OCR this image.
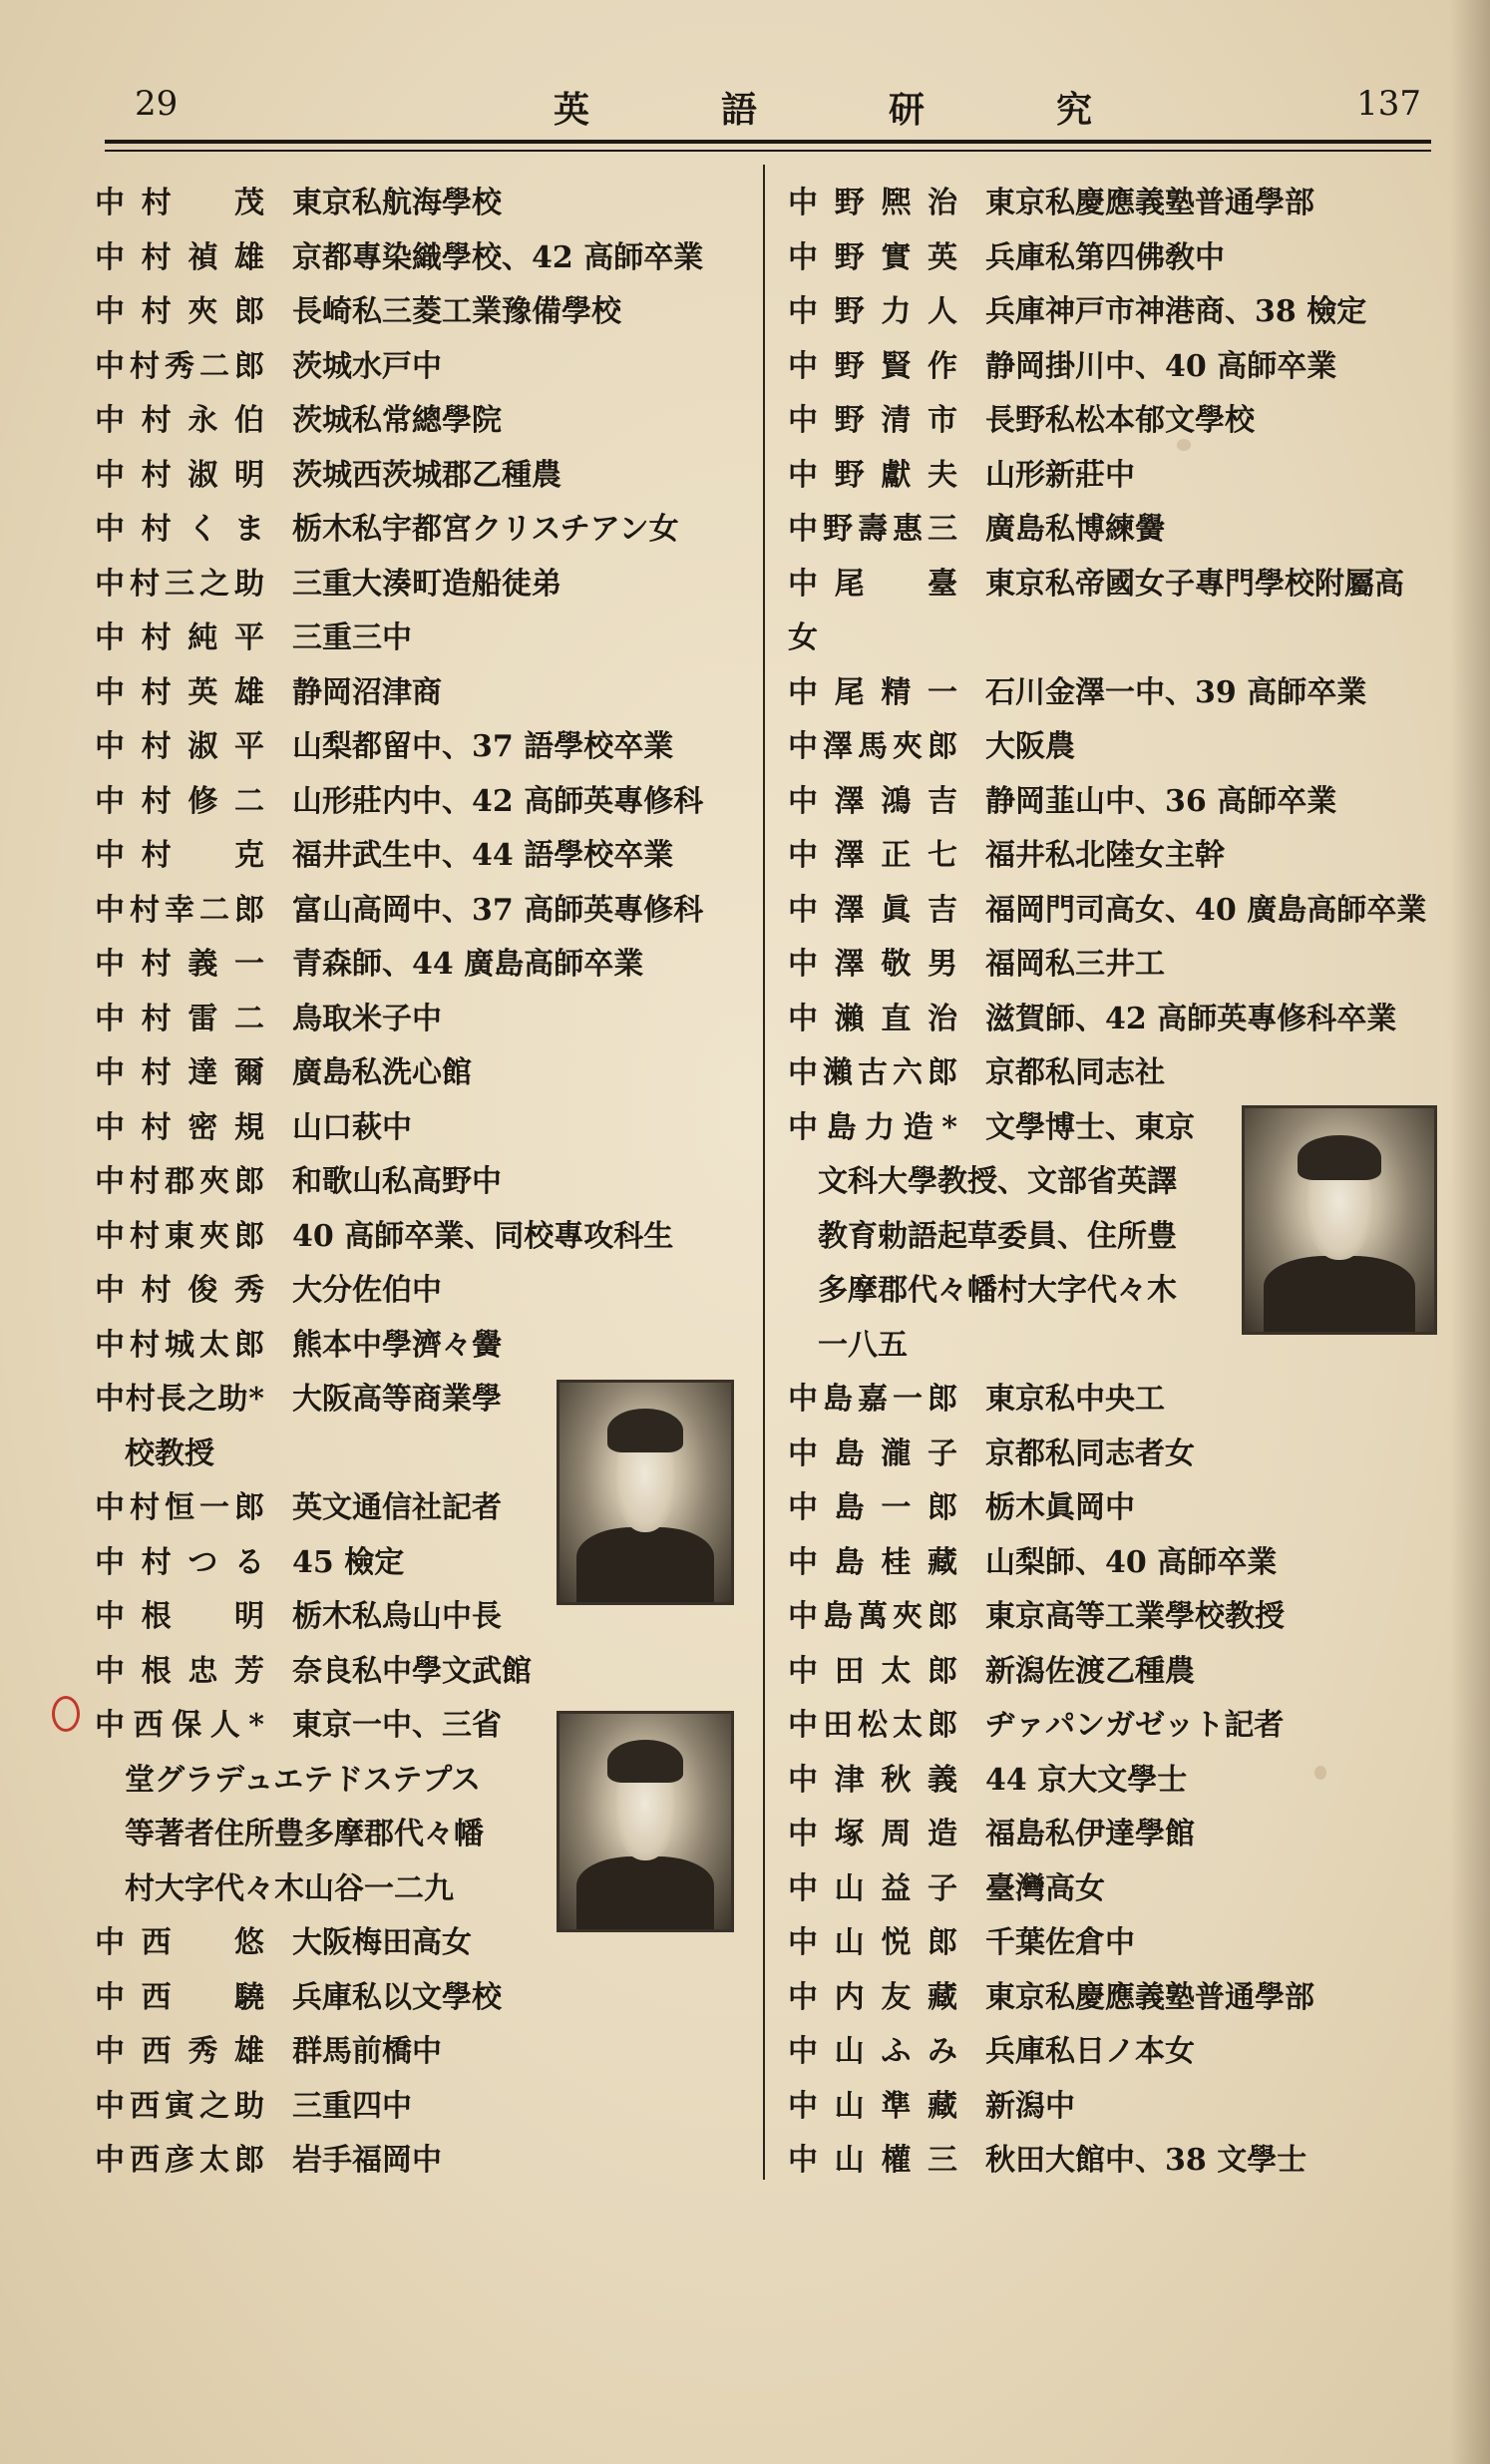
29	英	語	研	究	137
中村　茂 東京私航海學校
中村禎雄 京都專染織學校、42 高師卒業
中村夾郎 長崎私三菱工業豫備學校
中村秀二郎 茨城水戸中
中村永伯 茨城私常總學院
中村淑明 茨城西茨城郡乙種農
中村くま 栃木私宇都宮クリスチアン女
中村三之助 三重大湊町造船徒弟
中村純平 三重三中
中村英雄 静岡沼津商
中村淑平 山梨都留中、37 語學校卒業
中村修二 山形莊内中、42 高師英專修科
中村　克 福井武生中、44 語學校卒業
中村幸二郎 富山高岡中、37 高師英專修科
中村義一 青森師、44 廣島高師卒業
中村雷二 鳥取米子中
中村達爾 廣島私洗心館
中村密規 山口萩中
中村郡夾郎 和歌山私高野中
中村東夾郎 40 高師卒業、同校專攻科生
中村俊秀 大分佐伯中
中村城太郎 熊本中學濟々黌
中村長之助* 大阪高等商業學
校教授
中村恒一郎 英文通信社記者
中村つる 45 檢定
中根　明 栃木私烏山中長
中根忠芳 奈良私中學文武館
中西保人* 東京一中、三省
堂グラデュエテドステプス
等著者住所豊多摩郡代々幡
村大字代々木山谷一二九
中西　悠 大阪梅田高女
中西　驍 兵庫私以文學校
中西秀雄 群馬前橋中
中西寅之助 三重四中
中西彦太郎 岩手福岡中
中野熈治 東京私慶應義塾普通學部
中野實英 兵庫私第四佛敎中
中野力人 兵庫神戸市神港商、38 檢定
中野賢作 静岡掛川中、40 高師卒業
中野清市 長野私松本郁文學校
中野獻夫 山形新莊中
中野壽惠三 廣島私博練黌
中尾　臺 東京私帝國女子專門學校附屬高
女
中尾精一 石川金澤一中、39 高師卒業
中澤馬夾郎 大阪農
中澤鴻吉 静岡韮山中、36 高師卒業
中澤正七 福井私北陸女主幹
中澤眞吉 福岡門司高女、40 廣島高師卒業
中澤敬男 福岡私三井工
中瀨直治 滋賀師、42 高師英專修科卒業
中瀨古六郎 京都私同志社
中島力造* 文學博士、東京
文科大學教授、文部省英譯
教育勅語起草委員、住所豊
多摩郡代々幡村大字代々木
一八五
中島嘉一郎 東京私中央工
中島瀧子 京都私同志者女
中島一郎 栃木眞岡中
中島桂藏 山梨師、40 高師卒業
中島萬夾郎 東京高等工業學校教授
中田太郎 新潟佐渡乙種農
中田松太郎 ヂァパンガゼット記者
中津秋義 44 京大文學士
中塚周造 福島私伊達學館
中山益子 臺灣高女
中山悦郎 千葉佐倉中
中内友藏 東京私慶應義塾普通學部
中山ふみ 兵庫私日ノ本女
中山準藏 新潟中
中山權三 秋田大館中、38 文學士
